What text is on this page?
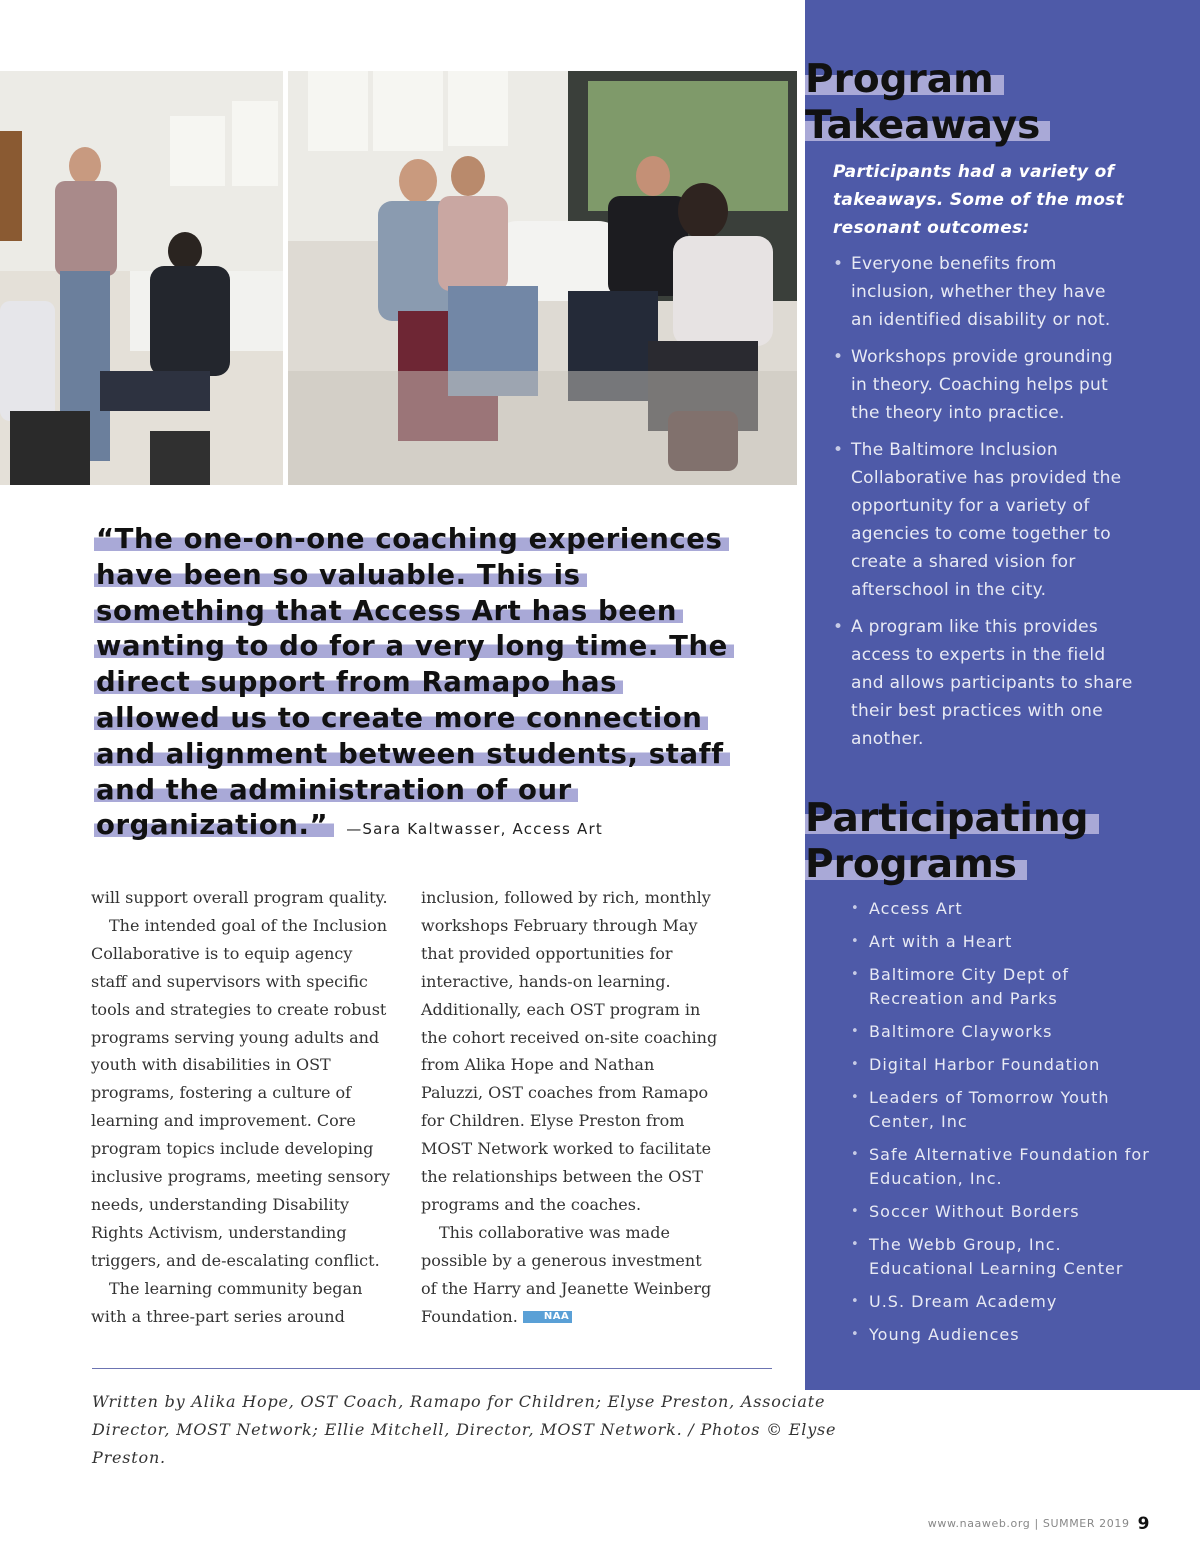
Program
Takeaways

Participants had a variety of takeaways. Some of the most resonant outcomes:

• Everyone benefits from inclusion, whether they have an identified disability or not.
• Workshops provide grounding in theory. Coaching helps put the theory into practice.
• The Baltimore Inclusion Collaborative has provided the opportunity for a variety of agencies to come together to create a shared vision for afterschool in the city.
• A program like this provides access to experts in the field and allows participants to share their best practices with one another.
Participating
Programs
• Access Art
• Art with a Heart
• Baltimore City Dept of Recreation and Parks
• Baltimore Clayworks
• Digital Harbor Foundation
• Leaders of Tomorrow Youth Center, Inc
• Safe Alternative Foundation for Education, Inc.
• Soccer Without Borders
• The Webb Group, Inc. Educational Learning Center
• U.S. Dream Academy
• Young Audiences

“The one-on-one coaching experiences have been so valuable. This is something that Access Art has been wanting to do for a very long time. The direct support from Ramapo has allowed us to create more connection and alignment between students, staff and the administration of our organization.” —Sara Kaltwasser, Access Art

will support overall program quality.

The intended goal of the Inclusion Collaborative is to equip agency staff and supervisors with specific tools and strategies to create robust programs serving young adults and youth with disabilities in OST programs, fostering a culture of learning and improvement. Core program topics include developing inclusive programs, meeting sensory needs, understanding Disability Rights Activism, understanding triggers, and de-escalating conflict.

The learning community began with a three-part series around

inclusion, followed by rich, monthly workshops February through May that provided opportunities for interactive, hands-on learning. Additionally, each OST program in the cohort received on-site coaching from Alika Hope and Nathan Paluzzi, OST coaches from Ramapo for Children. Elyse Preston from MOST Network worked to facilitate the relationships between the OST programs and the coaches.

This collaborative was made possible by a generous investment of the Harry and Jeanette Weinberg Foundation.	NAA

Written by Alika Hope, OST Coach, Ramapo for Children; Elyse Preston, Associate Director, MOST Network; Ellie Mitchell, Director, MOST Network. / Photos © Elyse Preston.

www.naaweb.org | SUMMER 2019 9
